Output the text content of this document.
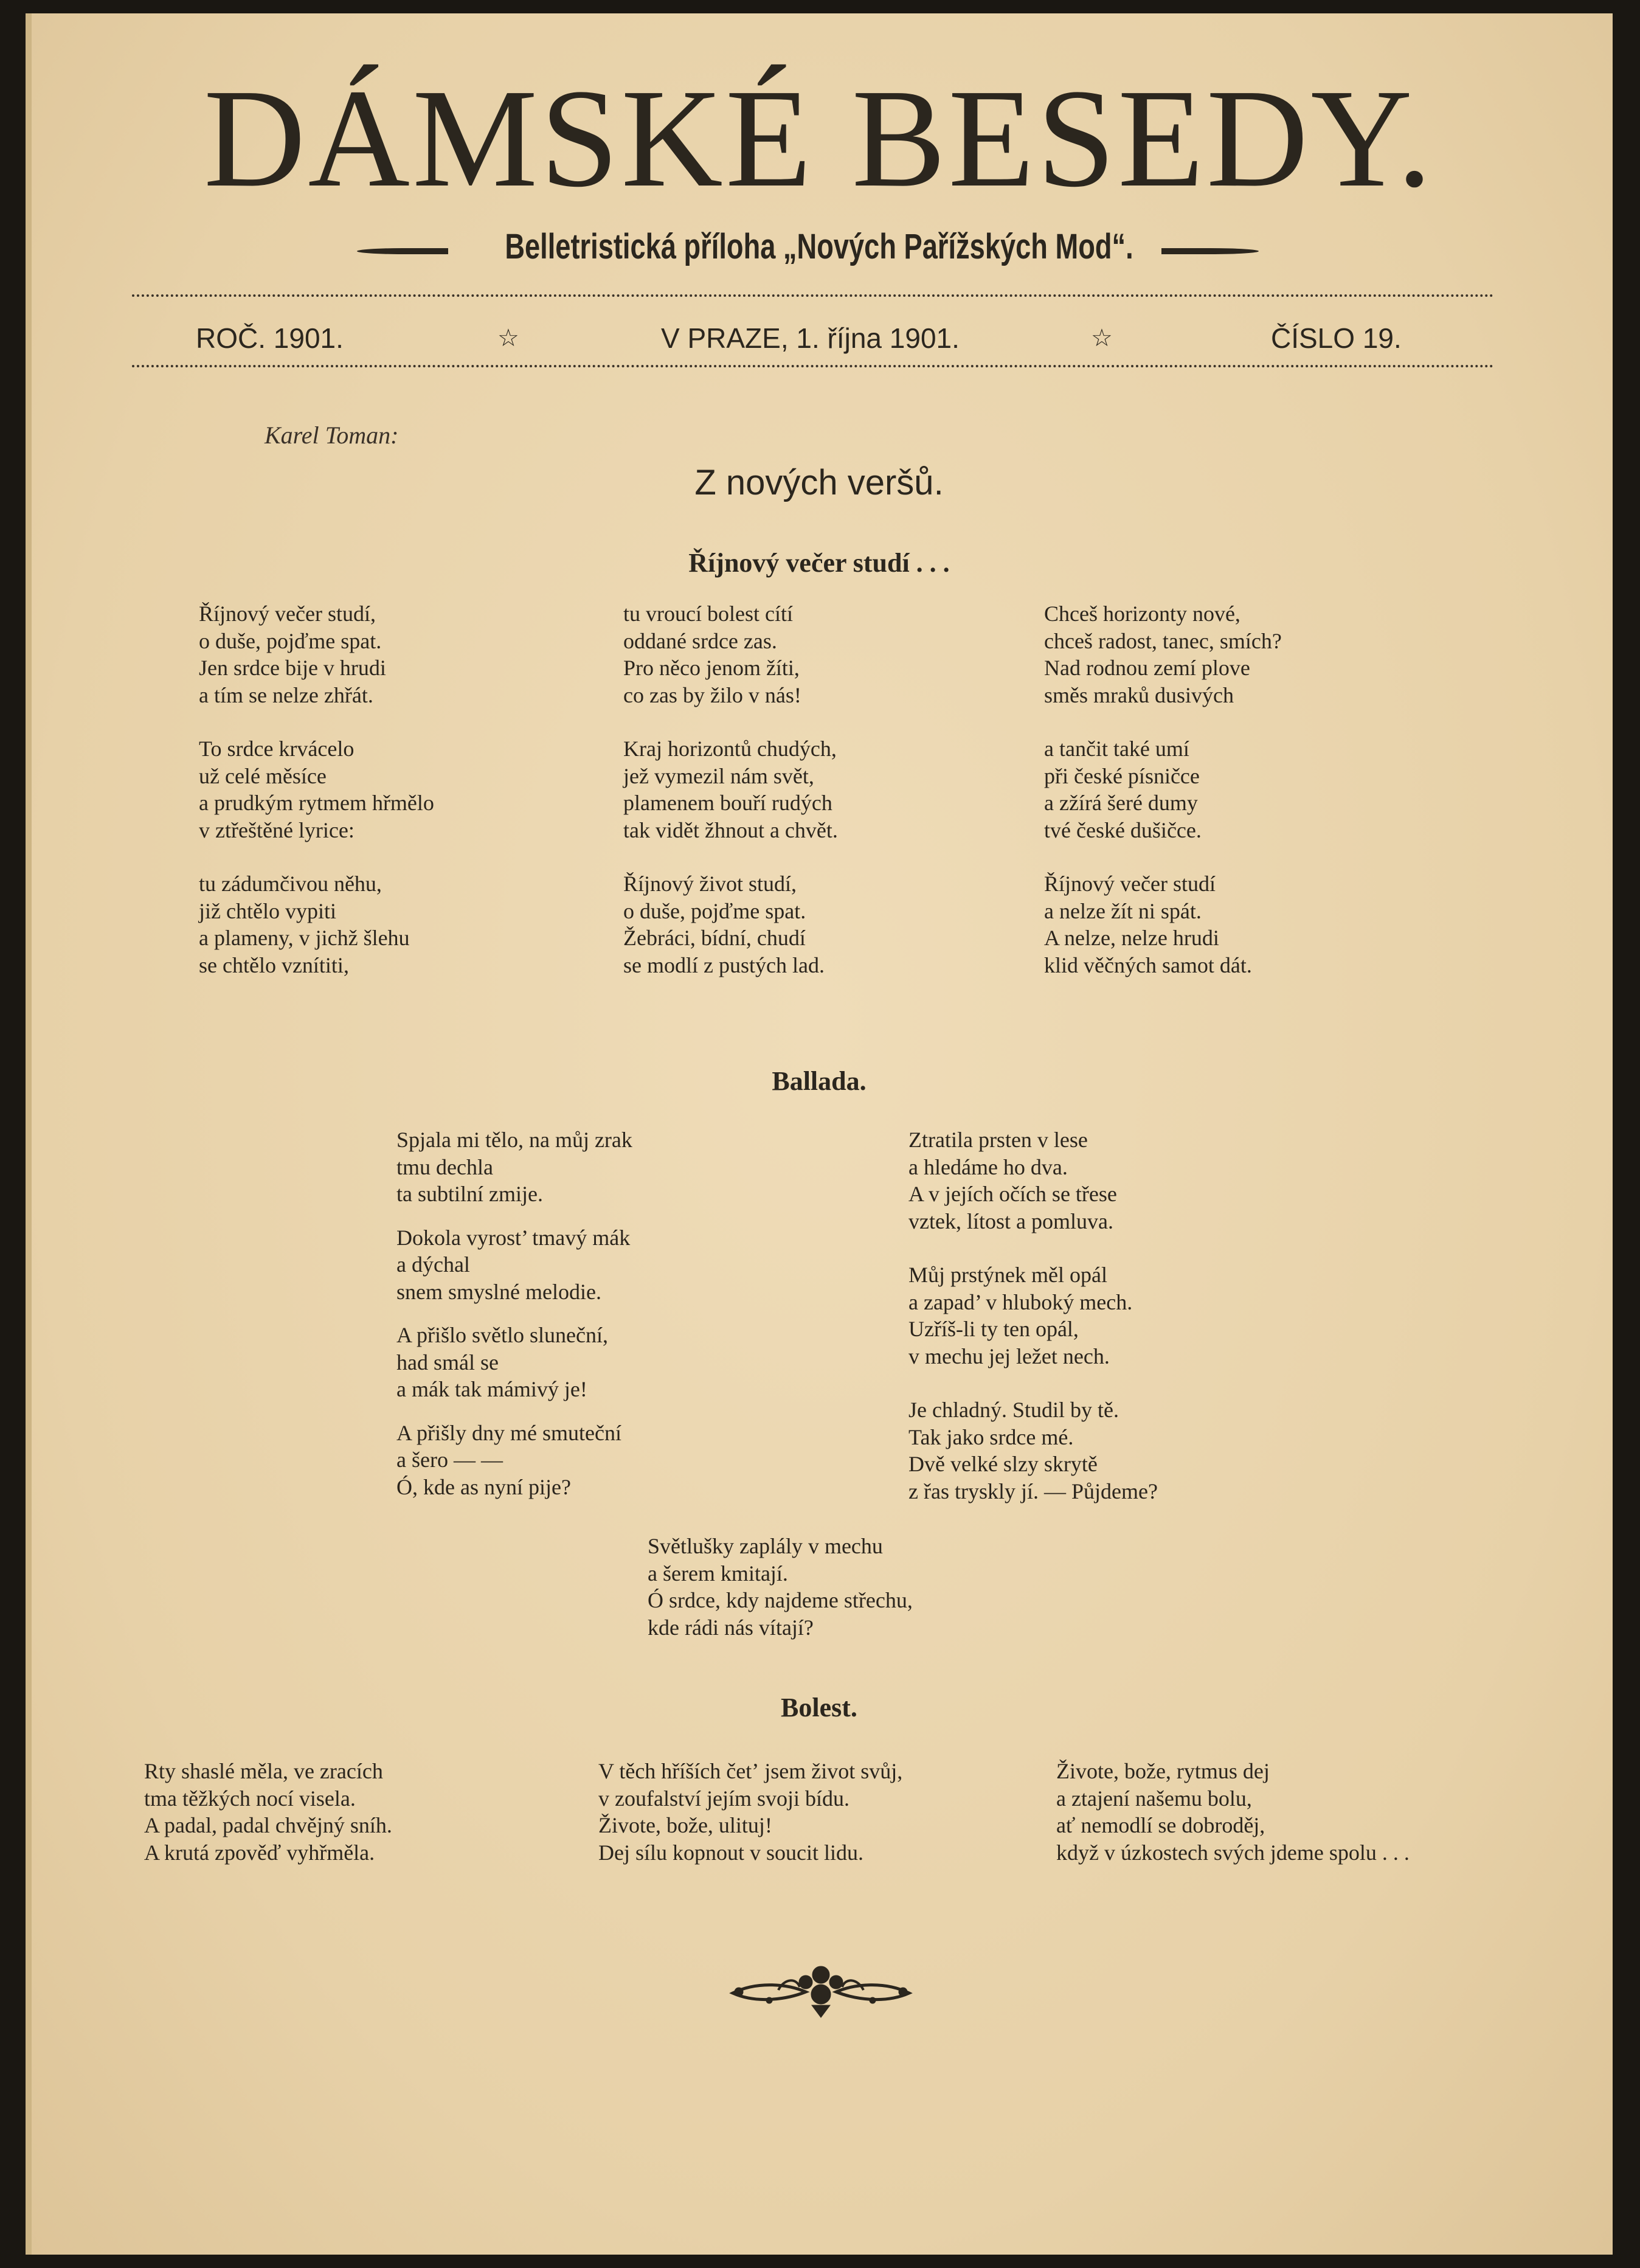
DÁMSKÉ BESEDY.
Belletristická příloha „Nových Pařížských Mod“.
ROČ. 1901.	☆	V PRAZE, 1. října 1901.	☆	ČÍSLO 19.
Karel Toman:
Z nových veršů.
Říjnový večer studí . . .
Říjnový večer studí,
o duše, pojďme spat.
Jen srdce bije v hrudi
a tím se nelze zhřát.
To srdce krvácelo
už celé měsíce
a prudkým rytmem hřmělo
v ztřeštěné lyrice:
tu zádumčivou něhu,
již chtělo vypiti
a plameny, v jichž šlehu
se chtělo vznítiti,
tu vroucí bolest cítí
oddané srdce zas.
Pro něco jenom žíti,
co zas by žilo v nás!
Kraj horizontů chudých,
jež vymezil nám svět,
plamenem bouří rudých
tak vidět žhnout a chvět.
Říjnový život studí,
o duše, pojďme spat.
Žebráci, bídní, chudí
se modlí z pustých lad.
Chceš horizonty nové,
chceš radost, tanec, smích?
Nad rodnou zemí plove
směs mraků dusivých
a tančit také umí
při české písničce
a zžírá šeré dumy
tvé české dušičce.
Říjnový večer studí
a nelze žít ni spát.
A nelze, nelze hrudi
klid věčných samot dát.
Ballada.
Spjala mi tělo, na můj zrak
tmu dechla
ta subtilní zmije.
Dokola vyrost’ tmavý mák
a dýchal
snem smyslné melodie.
A přišlo světlo sluneční,
had smál se
a mák tak mámivý je!
A přišly dny mé smuteční
a šero — —
Ó, kde as nyní pije?
Ztratila prsten v lese
a hledáme ho dva.
A v jejích očích se třese
vztek, lítost a pomluva.
Můj prstýnek měl opál
a zapad’ v hluboký mech.
Uzříš-li ty ten opál,
v mechu jej ležet nech.
Je chladný. Studil by tě.
Tak jako srdce mé.
Dvě velké slzy skrytě
z řas tryskly jí. — Půjdeme?
Světlušky zaplály v mechu
a šerem kmitají.
Ó srdce, kdy najdeme střechu,
kde rádi nás vítají?
Bolest.
Rty shaslé měla, ve zracích
tma těžkých nocí visela.
A padal, padal chvějný sníh.
A krutá zpověď vyhřměla.
V těch hříších četʼ jsem život svůj,
v zoufalství jejím svoji bídu.
Živote, bože, ulituj!
Dej sílu kopnout v soucit lidu.
Živote, bože, rytmus dej
a ztajení našemu bolu,
ať nemodlí se dobroděj,
když v úzkostech svých jdeme spolu . . .
